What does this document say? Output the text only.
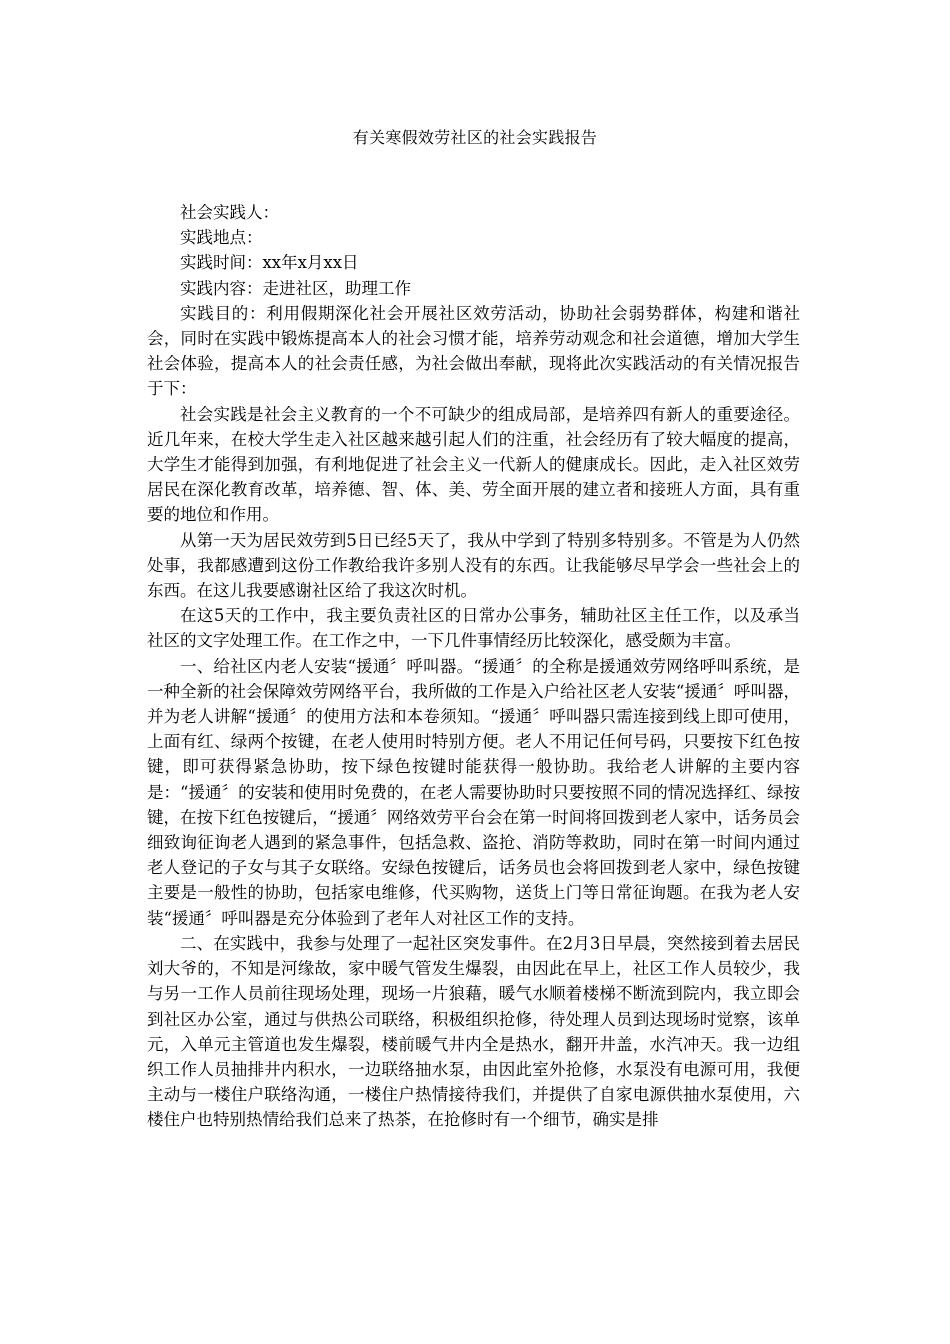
有关寒假效劳社区的社会实践报告

社会实践人：

实践地点：

实践时间：xx年x月xx日

实践内容：走进社区，助理工作

实践目的：利用假期深化社会开展社区效劳活动，协助社会弱势群体，构建和谐社会，同时在实践中锻炼提高本人的社会习惯才能，培养劳动观念和社会道德，增加大学生社会体验，提高本人的社会责任感，为社会做出奉献，现将此次实践活动的有关情况报告于下：

社会实践是社会主义教育的一个不可缺少的组成局部，是培养四有新人的重要途径。近几年来，在校大学生走入社区越来越引起人们的注重，社会经历有了较大幅度的提高，大学生才能得到加强，有利地促进了社会主义一代新人的健康成长。因此，走入社区效劳居民在深化教育改革，培养德、智、体、美、劳全面开展的建立者和接班人方面，具有重要的地位和作用。

从第一天为居民效劳到5日已经5天了，我从中学到了特别多特别多。不管是为人仍然处事，我都感遭到这份工作教给我许多别人没有的东西。让我能够尽早学会一些社会上的东西。在这儿我要感谢社区给了我这次时机。

在这5天的工作中，我主要负责社区的日常办公事务，辅助社区主任工作，以及承当社区的文字处理工作。在工作之中，一下几件事情经历比较深化，感受颇为丰富。

一、给社区内老人安装“援通〞呼叫器。“援通〞的全称是援通效劳网络呼叫系统，是一种全新的社会保障效劳网络平台，我所做的工作是入户给社区老人安装“援通〞呼叫器，并为老人讲解“援通〞的使用方法和本卷须知。“援通〞呼叫器只需连接到线上即可使用，上面有红、绿两个按键，在老人使用时特别方便。老人不用记任何号码，只要按下红色按键，即可获得紧急协助，按下绿色按键时能获得一般协助。我给老人讲解的主要内容是：“援通〞的安装和使用时免费的，在老人需要协助时只要按照不同的情况选择红、绿按键，在按下红色按键后，“援通〞网络效劳平台会在第一时间将回拨到老人家中，话务员会细致询征询老人遇到的紧急事件，包括急救、盗抢、消防等救助，同时在第一时间内通过老人登记的子女与其子女联络。安绿色按键后，话务员也会将回拨到老人家中，绿色按键主要是一般性的协助，包括家电维修，代买购物，送货上门等日常征询题。在我为老人安装“援通〞呼叫器是充分体验到了老年人对社区工作的支持。

二、在实践中，我参与处理了一起社区突发事件。在2月3日早晨，突然接到着去居民刘大爷的，不知是河缘故，家中暖气管发生爆裂，由因此在早上，社区工作人员较少，我与另一工作人员前往现场处理，现场一片狼藉，暖气水顺着楼梯不断流到院内，我立即会到社区办公室，通过与供热公司联络，积极组织抢修，待处理人员到达现场时觉察，该单元，入单元主管道也发生爆裂，楼前暖气井内全是热水，翻开井盖，水汽冲天。我一边组织工作人员抽排井内积水，一边联络抽水泵，由因此室外抢修，水泵没有电源可用，我便主动与一楼住户联络沟通，一楼住户热情接待我们，并提供了自家电源供抽水泵使用，六楼住户也特别热情给我们总来了热茶，在抢修时有一个细节，确实是排
